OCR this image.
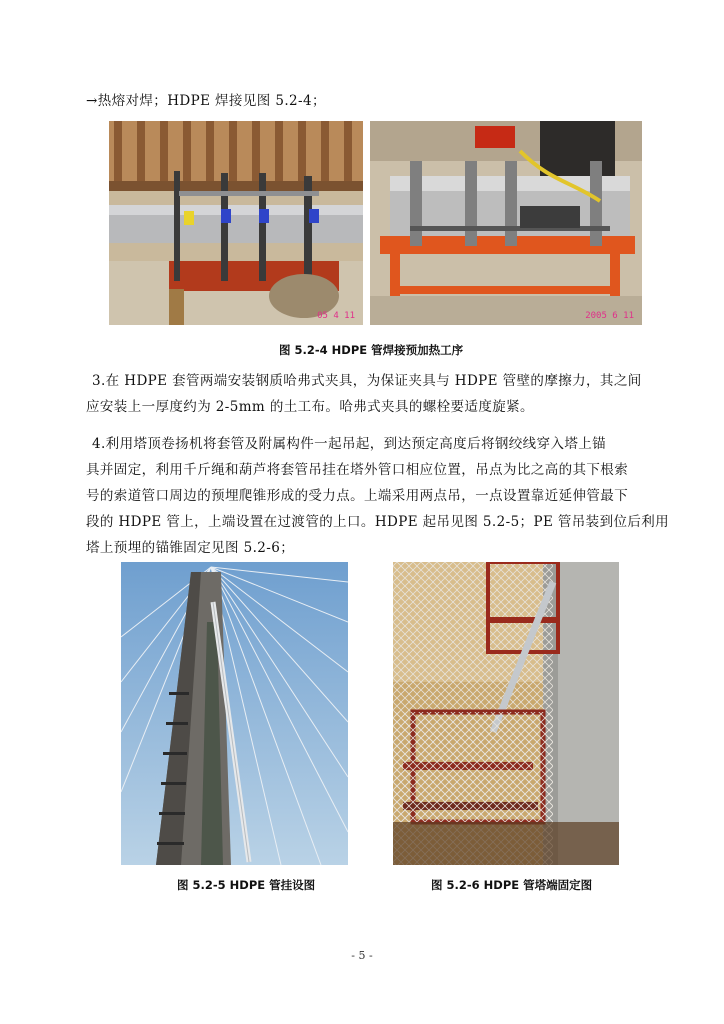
→热熔对焊；HDPE 焊接见图 5.2-4；
05 4 11	2005 6 11
图 5.2-4 HDPE 管焊接预加热工序
3.在 HDPE 套管两端安装钢质哈弗式夹具，为保证夹具与 HDPE 管壁的摩擦力，其之间
应安装上一厚度约为 2-5mm 的土工布。哈弗式夹具的螺栓要适度旋紧。
4.利用塔顶卷扬机将套管及附属构件一起吊起，到达预定高度后将钢绞线穿入塔上锚
具并固定，利用千斤绳和葫芦将套管吊挂在塔外管口相应位置，吊点为比之高的其下根索
号的索道管口周边的预埋爬锥形成的受力点。上端采用两点吊，一点设置靠近延伸管最下
段的 HDPE 管上，上端设置在过渡管的上口。HDPE 起吊见图 5.2-5；PE 管吊装到位后利用
塔上预埋的锚锥固定见图 5.2-6；
图 5.2-5 HDPE 管挂设图	图 5.2-6 HDPE 管塔端固定图
- 5 -
